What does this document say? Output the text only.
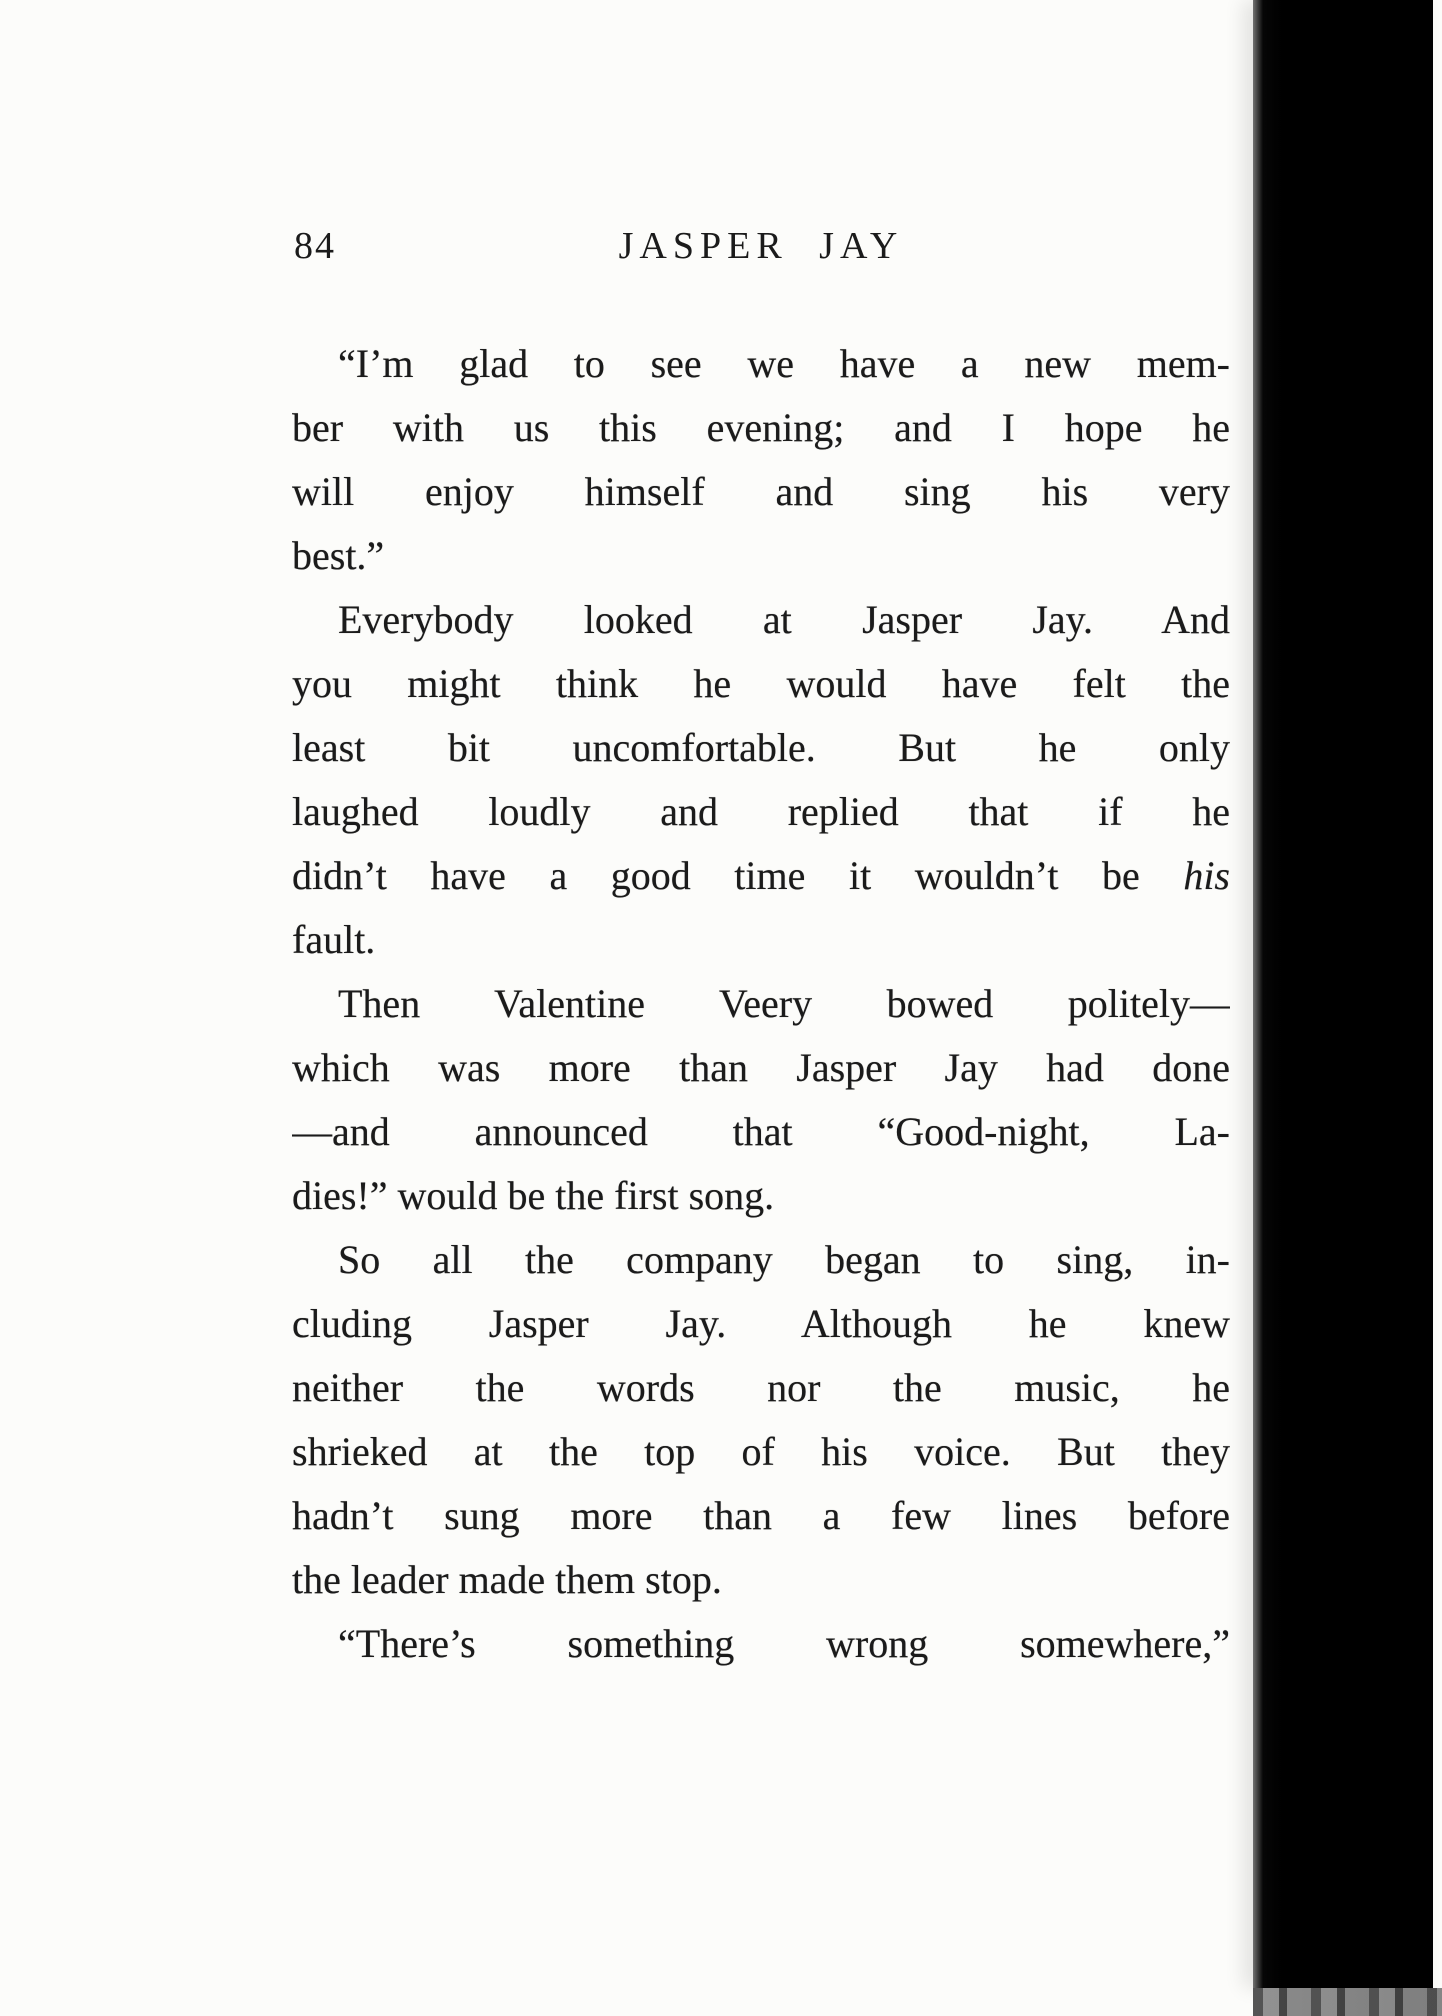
84	JASPER JAY
“I’m glad to see we have a new mem-
ber with us this evening; and I hope he
will enjoy himself and sing his very
best.”
Everybody looked at Jasper Jay. And
you might think he would have felt the
least bit uncomfortable. But he only
laughed loudly and replied that if he
didn’t have a good time it wouldn’t be his
fault.
Then Valentine Veery bowed politely—
which was more than Jasper Jay had done
—and announced that “Good-night, La-
dies!” would be the first song.
So all the company began to sing, in-
cluding Jasper Jay. Although he knew
neither the words nor the music, he
shrieked at the top of his voice. But they
hadn’t sung more than a few lines before
the leader made them stop.
“There’s something wrong somewhere,”
